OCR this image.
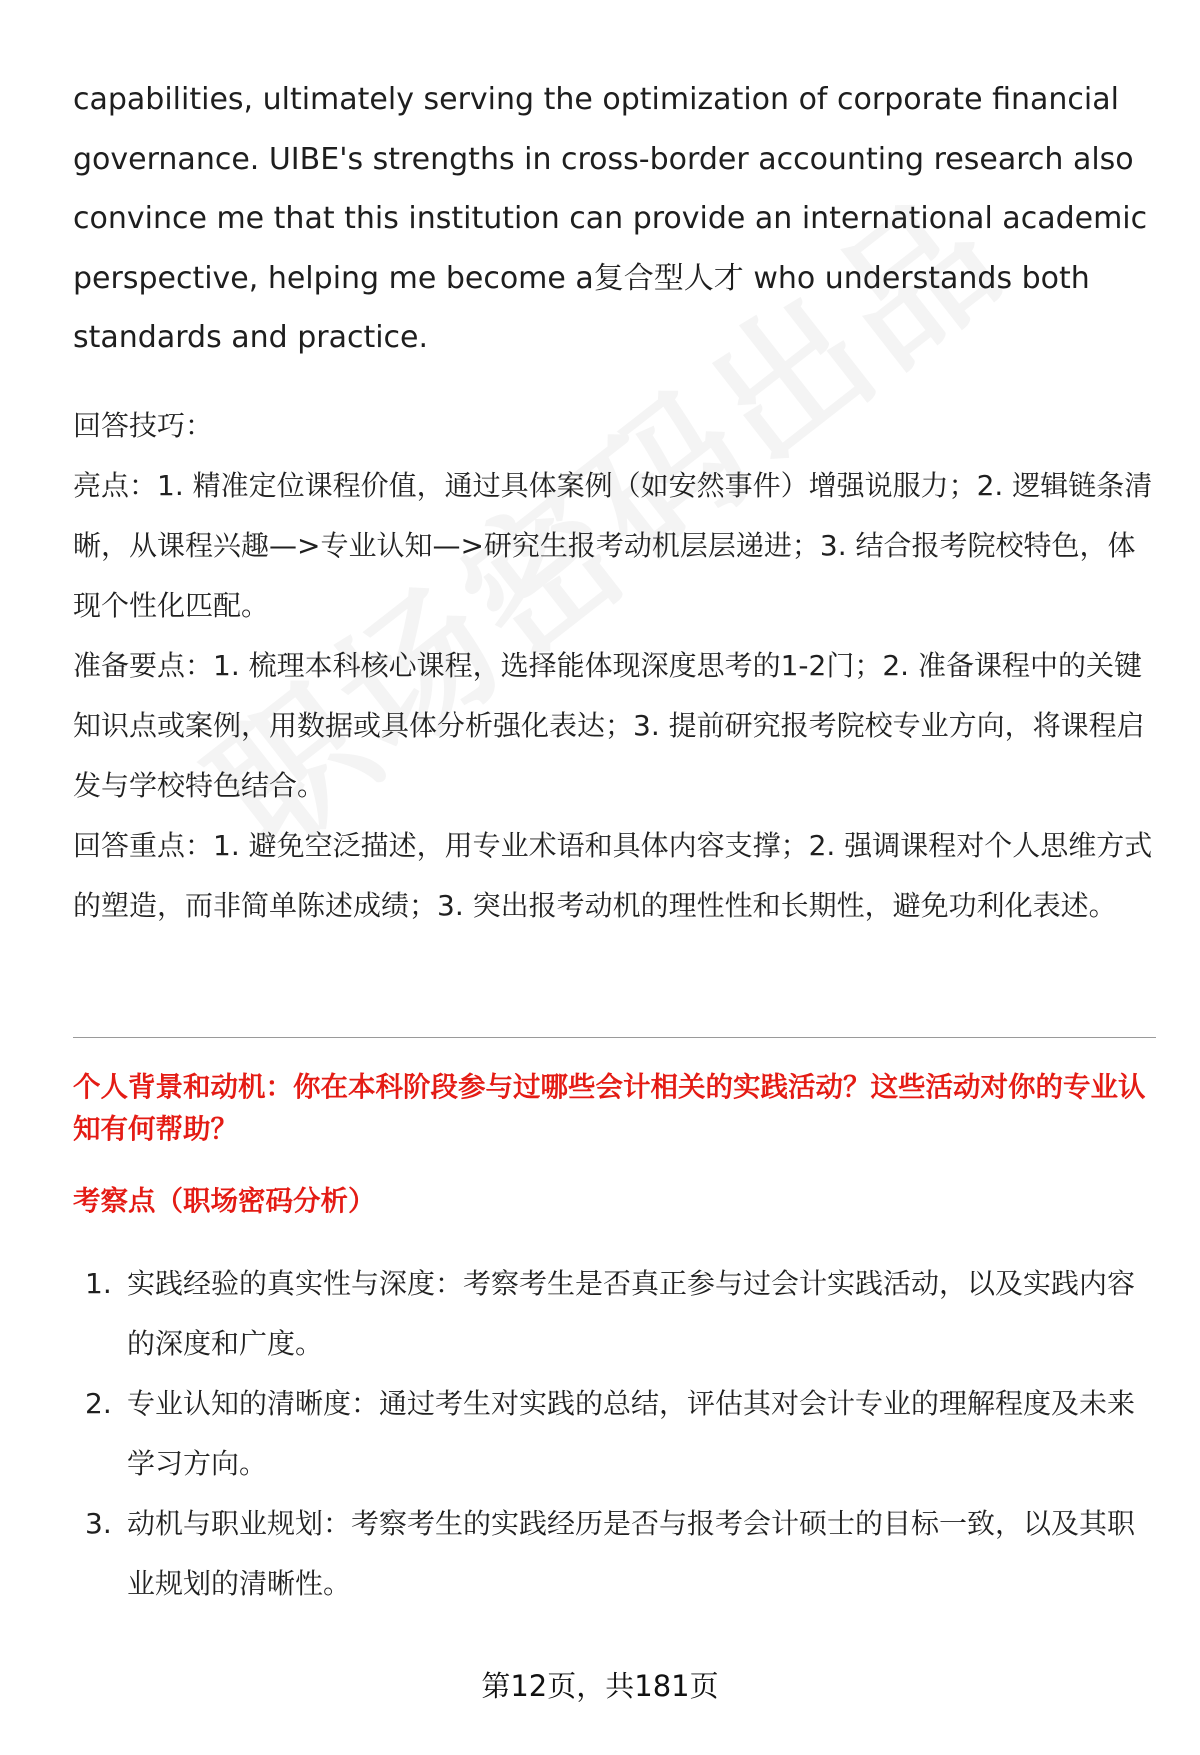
capabilities, ultimately serving the optimization of corporate financial governance. UIBE's strengths in cross-border accounting research also convince me that this institution can provide an international academic perspective, helping me become a复合型人才 who understands both standards and practice.

回答技巧：

亮点：1. 精准定位课程价值，通过具体案例（如安然事件）增强说服力；2. 逻辑链条清晰，从课程兴趣—>专业认知—>研究生报考动机层层递进；3. 结合报考院校特色，体现个性化匹配。

准备要点：1. 梳理本科核心课程，选择能体现深度思考的1-2门；2. 准备课程中的关键知识点或案例，用数据或具体分析强化表达；3. 提前研究报考院校专业方向，将课程启发与学校特色结合。

回答重点：1. 避免空泛描述，用专业术语和具体内容支撑；2. 强调课程对个人思维方式的塑造，而非简单陈述成绩；3. 突出报考动机的理性性和长期性，避免功利化表述。

个人背景和动机：你在本科阶段参与过哪些会计相关的实践活动？这些活动对你的专业认知有何帮助？
考察点（职场密码分析）
1. 实践经验的真实性与深度：考察考生是否真正参与过会计实践活动，以及实践内容的深度和广度。
2. 专业认知的清晰度：通过考生对实践的总结，评估其对会计专业的理解程度及未来学习方向。
3. 动机与职业规划：考察考生的实践经历是否与报考会计硕士的目标一致，以及其职业规划的清晰性。
第12页，共181页
